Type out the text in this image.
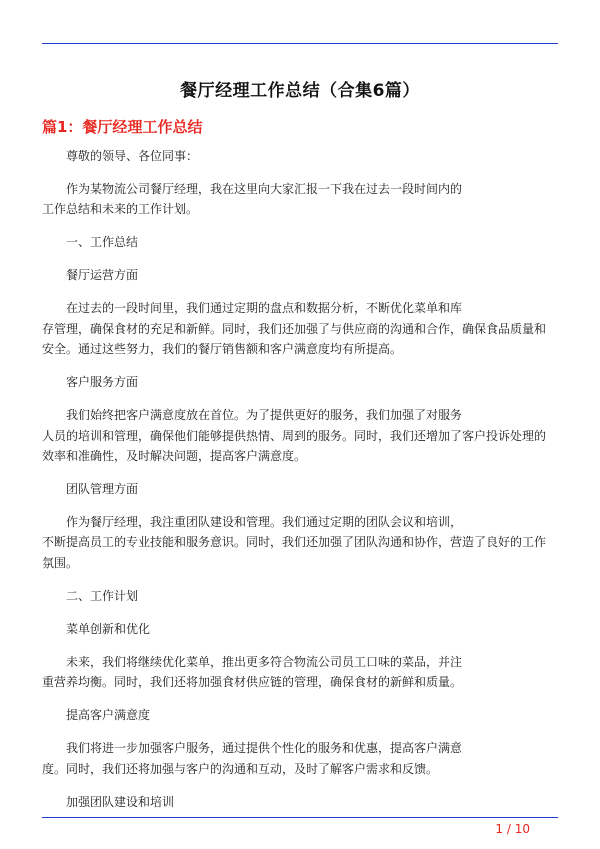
餐厅经理工作总结（合集6篇）
篇1：餐厅经理工作总结
尊敬的领导、各位同事：
作为某物流公司餐厅经理，我在这里向大家汇报一下我在过去一段时间内的
工作总结和未来的工作计划。
一、工作总结
餐厅运营方面
在过去的一段时间里，我们通过定期的盘点和数据分析，不断优化菜单和库
存管理，确保食材的充足和新鲜。同时，我们还加强了与供应商的沟通和合作，确保食品质量和
安全。通过这些努力，我们的餐厅销售额和客户满意度均有所提高。
客户服务方面
我们始终把客户满意度放在首位。为了提供更好的服务，我们加强了对服务
人员的培训和管理，确保他们能够提供热情、周到的服务。同时，我们还增加了客户投诉处理的
效率和准确性，及时解决问题，提高客户满意度。
团队管理方面
作为餐厅经理，我注重团队建设和管理。我们通过定期的团队会议和培训，
不断提高员工的专业技能和服务意识。同时，我们还加强了团队沟通和协作，营造了良好的工作
氛围。
二、工作计划
菜单创新和优化
未来，我们将继续优化菜单，推出更多符合物流公司员工口味的菜品，并注
重营养均衡。同时，我们还将加强食材供应链的管理，确保食材的新鲜和质量。
提高客户满意度
我们将进一步加强客户服务，通过提供个性化的服务和优惠，提高客户满意
度。同时，我们还将加强与客户的沟通和互动，及时了解客户需求和反馈。
加强团队建设和培训
1 / 10
